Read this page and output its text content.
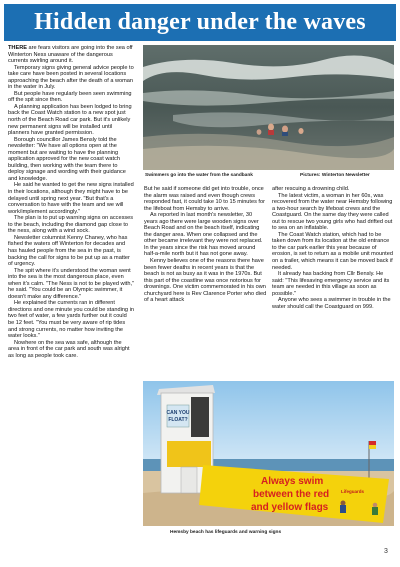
Hidden danger under the waves

THERE are fears visitors are going into the sea off Winterton Ness unaware of the dangerous currents swirling around it.

Temporary signs giving general advice people to take care have been posted in several locations approaching the beach after the death of a woman in the water in July.

But people have regularly been seen swimming off the spit since then.

A planning application has been lodged to bring back the Coast Watch station to a new spot just north of the Beach Road car park. But it's unlikely new permanent signs will be installed until planners have granted permission.

Borough councillor James Bensly told the newsletter: "We have all options open at the moment but are waiting to have the planning application approved for the new coast watch building, then working with the team there to deploy signage and wording with their guidance and knowledge.

He said he wanted to get the new signs installed in their locations, although they might have to be delayed until spring next year. "But that's a conversation to have with the team and we will work/implement accordingly."

The plan is to put up warning signs on accesses to the beach, including the diamond gap close to the ness, along with a wind sock.

Newsletter columnist Kenny Chaney, who has fished the waters off Winterton for decades and has hauled people from the sea in the past, is backing the call for signs to be put up as a matter of urgency.

The spit where it's understood the woman went into the sea is the most dangerous place, even when it's calm. "The Ness is not to be played with," he said. "You could be an Olympic swimmer, it doesn't make any difference."

He explained the currents ran in different directions and one minute you could be standing in two feet of water, a few yards further out it could be 12 feet. "You must be very aware of rip tides and strong currents, no matter how inviting the water looks."

Nowhere on the sea was safe, although the area in front of the car park and south was alright as long as people took care.

Swimmers go into the water from the sandbank	Pictures: Winterton Newsletter

But he said if someone did get into trouble, once the alarm was raised and even though crews responded fast, it could take 10 to 15 minutes for the lifeboat from Hemsby to arrive.

As reported in last month's newsletter, 30 years ago there were large wooden signs over Beach Road and on the beach itself, indicating the danger area. When one collapsed and the other became irrelevant they were not replaced. In the years since the risk has moved around half-a-mile north but it has not gone away.

Kenny believes one of the reasons there have been fewer deaths in recent years is that the beach is not as busy as it was in the 1970s. But this part of the coastline was once notorious for drownings. One victim commemorated in his own churchyard here is Rev Clarence Porter who died of a heart attack

after rescuing a drowning child.

The latest victim, a woman in her 60s, was recovered from the water near Hemsby following a two-hour search by lifeboat crews and the Coastguard. On the same day they were called out to rescue two young girls who had drifted out to sea on an inflatable.

The Coast Watch station, which had to be taken down from its location at the old entrance to the car park earlier this year because of erosion, is set to return as a mobile unit mounted on a trailer, which means it can be moved back if needed.

It already has backing from Cllr Bensly. He said: "This lifesaving emergency service and its team are needed in this village as soon as possible."

Anyone who sees a swimmer in trouble in the water should call the Coastguard on 999.

CAN YOU
FLOAT?
Always swim
between the red
and yellow flags
Lifeguards
Hemsby beach has lifeguards and warning signs
3
